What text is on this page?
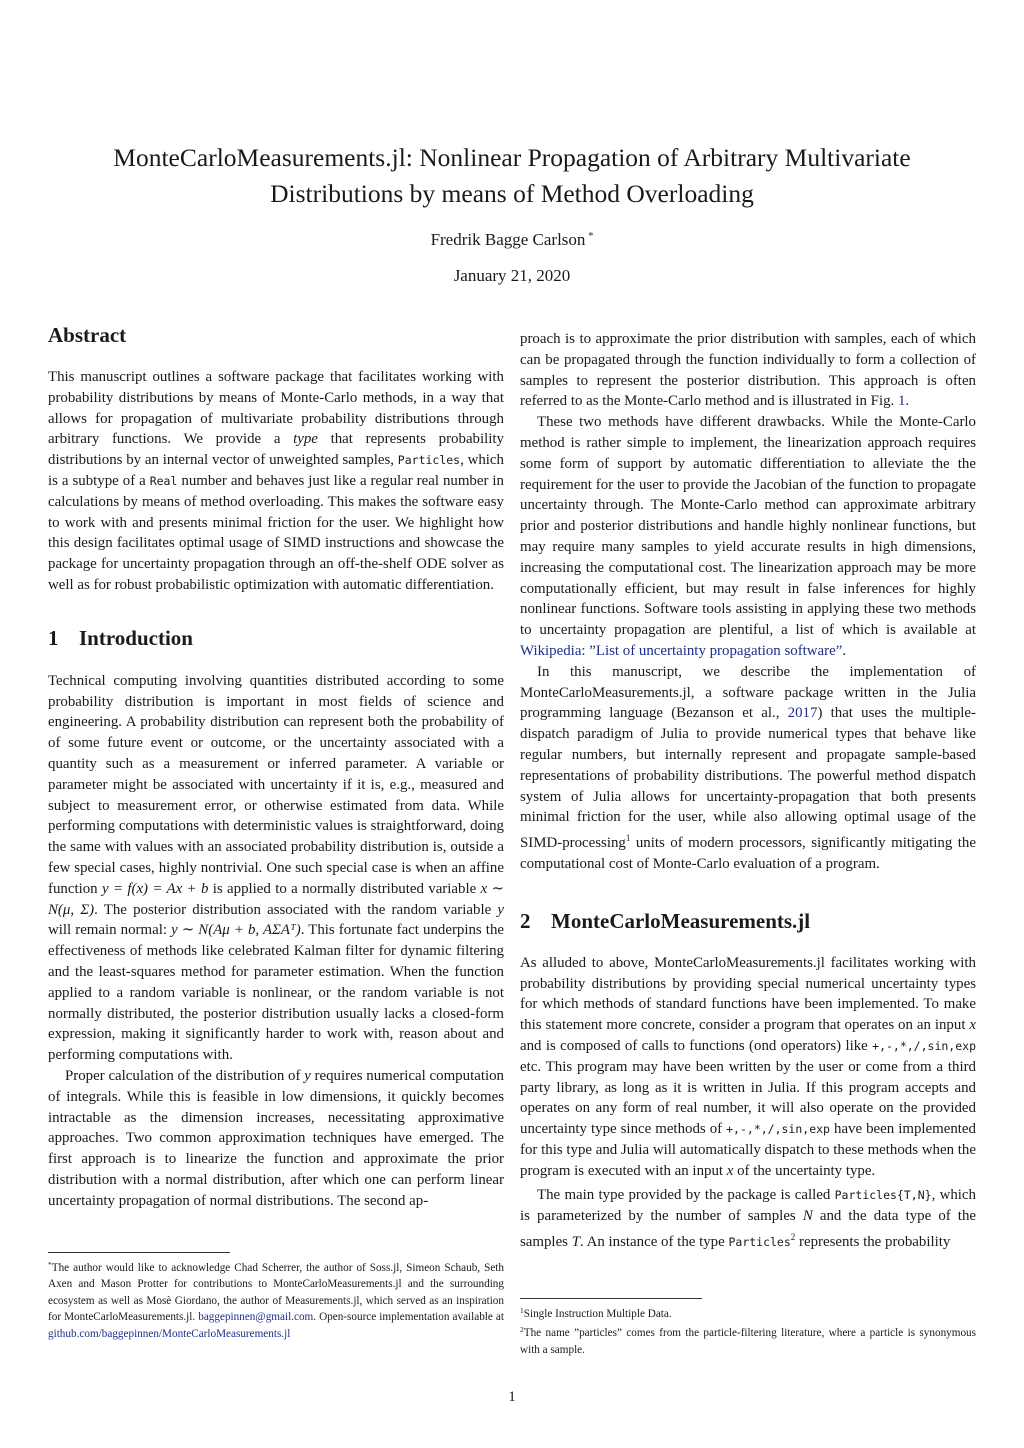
MonteCarloMeasurements.jl: Nonlinear Propagation of Arbitrary Multivariate
Distributions by means of Method Overloading
Fredrik Bagge Carlson *
January 21, 2020
Abstract

This manuscript outlines a software package that facilitates working with probability distributions by means of Monte-Carlo methods, in a way that allows for propagation of multivariate probability distributions through arbitrary functions. We provide a type that represents probability distributions by an internal vector of unweighted samples, Particles, which is a subtype of a Real number and behaves just like a regular real number in calculations by means of method overloading. This makes the software easy to work with and presents minimal friction for the user. We highlight how this design facilitates optimal usage of SIMD instructions and showcase the package for uncertainty propagation through an off-the-shelf ODE solver as well as for robust probabilistic optimization with automatic differentiation.

1 Introduction

Technical computing involving quantities distributed according to some probability distribution is important in most fields of science and engineering. A probability distribution can represent both the probability of of some future event or outcome, or the uncertainty associated with a quantity such as a measurement or inferred parameter. A variable or parameter might be associated with uncertainty if it is, e.g., measured and subject to measurement error, or otherwise estimated from data. While performing computations with deterministic values is straightforward, doing the same with values with an associated probability distribution is, outside a few special cases, highly nontrivial. One such special case is when an affine function y = f(x) = Ax + b is applied to a normally distributed variable x ∼ N(μ, Σ). The posterior distribution associated with the random variable y will remain normal: y ∼ N(Aμ + b, AΣAᵀ). This fortunate fact underpins the effectiveness of methods like celebrated Kalman filter for dynamic filtering and the least-squares method for parameter estimation. When the function applied to a random variable is nonlinear, or the random variable is not normally distributed, the posterior distribution usually lacks a closed-form expression, making it significantly harder to work with, reason about and performing computations with.

Proper calculation of the distribution of y requires numerical computation of integrals. While this is feasible in low dimensions, it quickly becomes intractable as the dimension increases, necessitating approximative approaches. Two common approximation techniques have emerged. The first approach is to linearize the function and approximate the prior distribution with a normal distribution, after which one can perform linear uncertainty propagation of normal distributions. The second ap-

*The author would like to acknowledge Chad Scherrer, the author of Soss.jl, Simeon Schaub, Seth Axen and Mason Protter for contributions to MonteCarloMeasurements.jl and the surrounding ecosystem as well as Mosè Giordano, the author of Measurements.jl, which served as an inspiration for MonteCarloMeasurements.jl. baggepinnen@gmail.com. Open-source implementation available at github.com/baggepinnen/MonteCarloMeasurements.jl

proach is to approximate the prior distribution with samples, each of which can be propagated through the function individually to form a collection of samples to represent the posterior distribution. This approach is often referred to as the Monte-Carlo method and is illustrated in Fig. 1.

These two methods have different drawbacks. While the Monte-Carlo method is rather simple to implement, the linearization approach requires some form of support by automatic differentiation to alleviate the the requirement for the user to provide the Jacobian of the function to propagate uncertainty through. The Monte-Carlo method can approximate arbitrary prior and posterior distributions and handle highly nonlinear functions, but may require many samples to yield accurate results in high dimensions, increasing the computational cost. The linearization approach may be more computationally efficient, but may result in false inferences for highly nonlinear functions. Software tools assisting in applying these two methods to uncertainty propagation are plentiful, a list of which is available at Wikipedia: ”List of uncertainty propagation software”.

In this manuscript, we describe the implementation of MonteCarloMeasurements.jl, a software package written in the Julia programming language (Bezanson et al., 2017) that uses the multiple-dispatch paradigm of Julia to provide numerical types that behave like regular numbers, but internally represent and propagate sample-based representations of probability distributions. The powerful method dispatch system of Julia allows for uncertainty-propagation that both presents minimal friction for the user, while also allowing optimal usage of the SIMD-processing$^1$ units of modern processors, significantly mitigating the computational cost of Monte-Carlo evaluation of a program.

2 MonteCarloMeasurements.jl

As alluded to above, MonteCarloMeasurements.jl facilitates working with probability distributions by providing special numerical uncertainty types for which methods of standard functions have been implemented. To make this statement more concrete, consider a program that operates on an input x and is composed of calls to functions (ond operators) like +,-,*,/,sin,exp etc. This program may have been written by the user or come from a third party library, as long as it is written in Julia. If this program accepts and operates on any form of real number, it will also operate on the provided uncertainty type since methods of +,-,*,/,sin,exp have been implemented for this type and Julia will automatically dispatch to these methods when the program is executed with an input x of the uncertainty type.

The main type provided by the package is called Particles{T,N}, which is parameterized by the number of samples N and the data type of the samples T. An instance of the type Particles$^2$ represents the probability

$^1$Single Instruction Multiple Data.

$^2$The name ”particles” comes from the particle-filtering literature, where a particle is synonymous with a sample.

1
